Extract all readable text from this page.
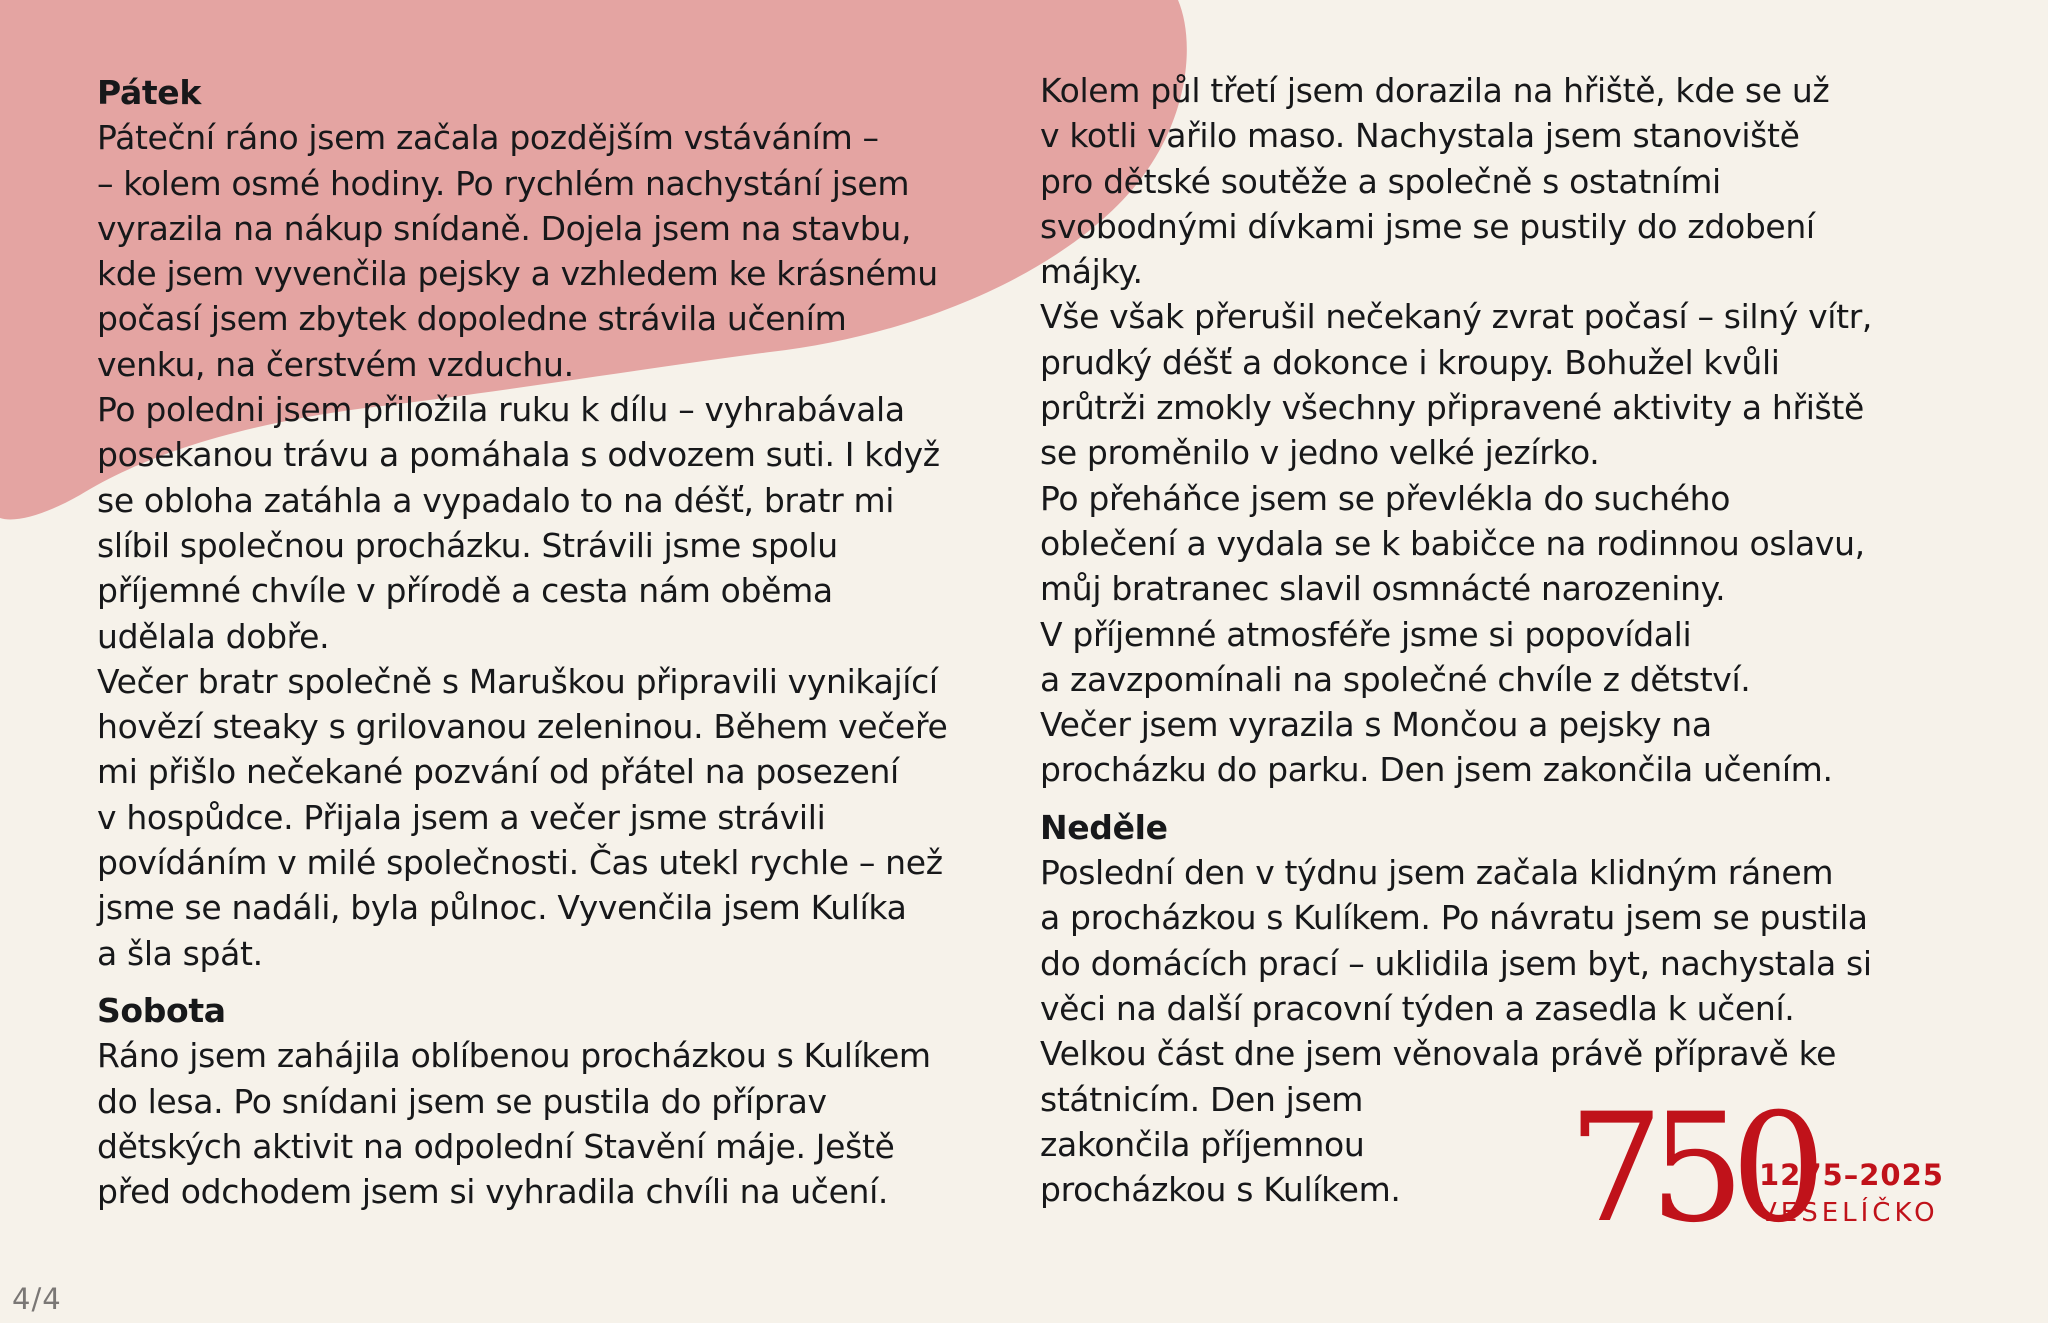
Pátek

Páteční ráno jsem začala pozdějším vstáváním –
– kolem osmé hodiny. Po rychlém nachystání jsem
vyrazila na nákup snídaně. Dojela jsem na stavbu,
kde jsem vyvenčila pejsky a vzhledem ke krásnému
počasí jsem zbytek dopoledne strávila učením
venku, na čerstvém vzduchu.

Po poledni jsem přiložila ruku k dílu – vyhrabávala
posekanou trávu a pomáhala s odvozem suti. I když
se obloha zatáhla a vypadalo to na déšť, bratr mi
slíbil společnou procházku. Strávili jsme spolu
příjemné chvíle v přírodě a cesta nám oběma
udělala dobře.

Večer bratr společně s Maruškou připravili vynikající
hovězí steaky s grilovanou zeleninou. Během večeře
mi přišlo nečekané pozvání od přátel na posezení
v hospůdce. Přijala jsem a večer jsme strávili
povídáním v milé společnosti. Čas utekl rychle – než
jsme se nadáli, byla půlnoc. Vyvenčila jsem Kulíka
a šla spát.

Sobota

Ráno jsem zahájila oblíbenou procházkou s Kulíkem
do lesa. Po snídani jsem se pustila do příprav
dětských aktivit na odpolední Stavění máje. Ještě
před odchodem jsem si vyhradila chvíli na učení.

Kolem půl třetí jsem dorazila na hřiště, kde se už
v kotli vařilo maso. Nachystala jsem stanoviště
pro dětské soutěže a společně s ostatními
svobodnými dívkami jsme se pustily do zdobení
májky.

Vše však přerušil nečekaný zvrat počasí – silný vítr,
prudký déšť a dokonce i kroupy. Bohužel kvůli
průtrži zmokly všechny připravené aktivity a hřiště
se proměnilo v jedno velké jezírko.

Po přeháňce jsem se převlékla do suchého
oblečení a vydala se k babičce na rodinnou oslavu,
můj bratranec slavil osmnácté narozeniny.
V příjemné atmosféře jsme si popovídali
a zavzpomínali na společné chvíle z dětství.

Večer jsem vyrazila s Mončou a pejsky na
procházku do parku. Den jsem zakončila učením.

Neděle

Poslední den v týdnu jsem začala klidným ránem
a procházkou s Kulíkem. Po návratu jsem se pustila
do domácích prací – uklidila jsem byt, nachystala si
věci na další pracovní týden a zasedla k učení.
Velkou část dne jsem věnovala právě přípravě ke
státnicím. Den jsem
zakončila příjemnou
procházkou s Kulíkem.	750
1275–2025
VESELÍČKO
4/4
